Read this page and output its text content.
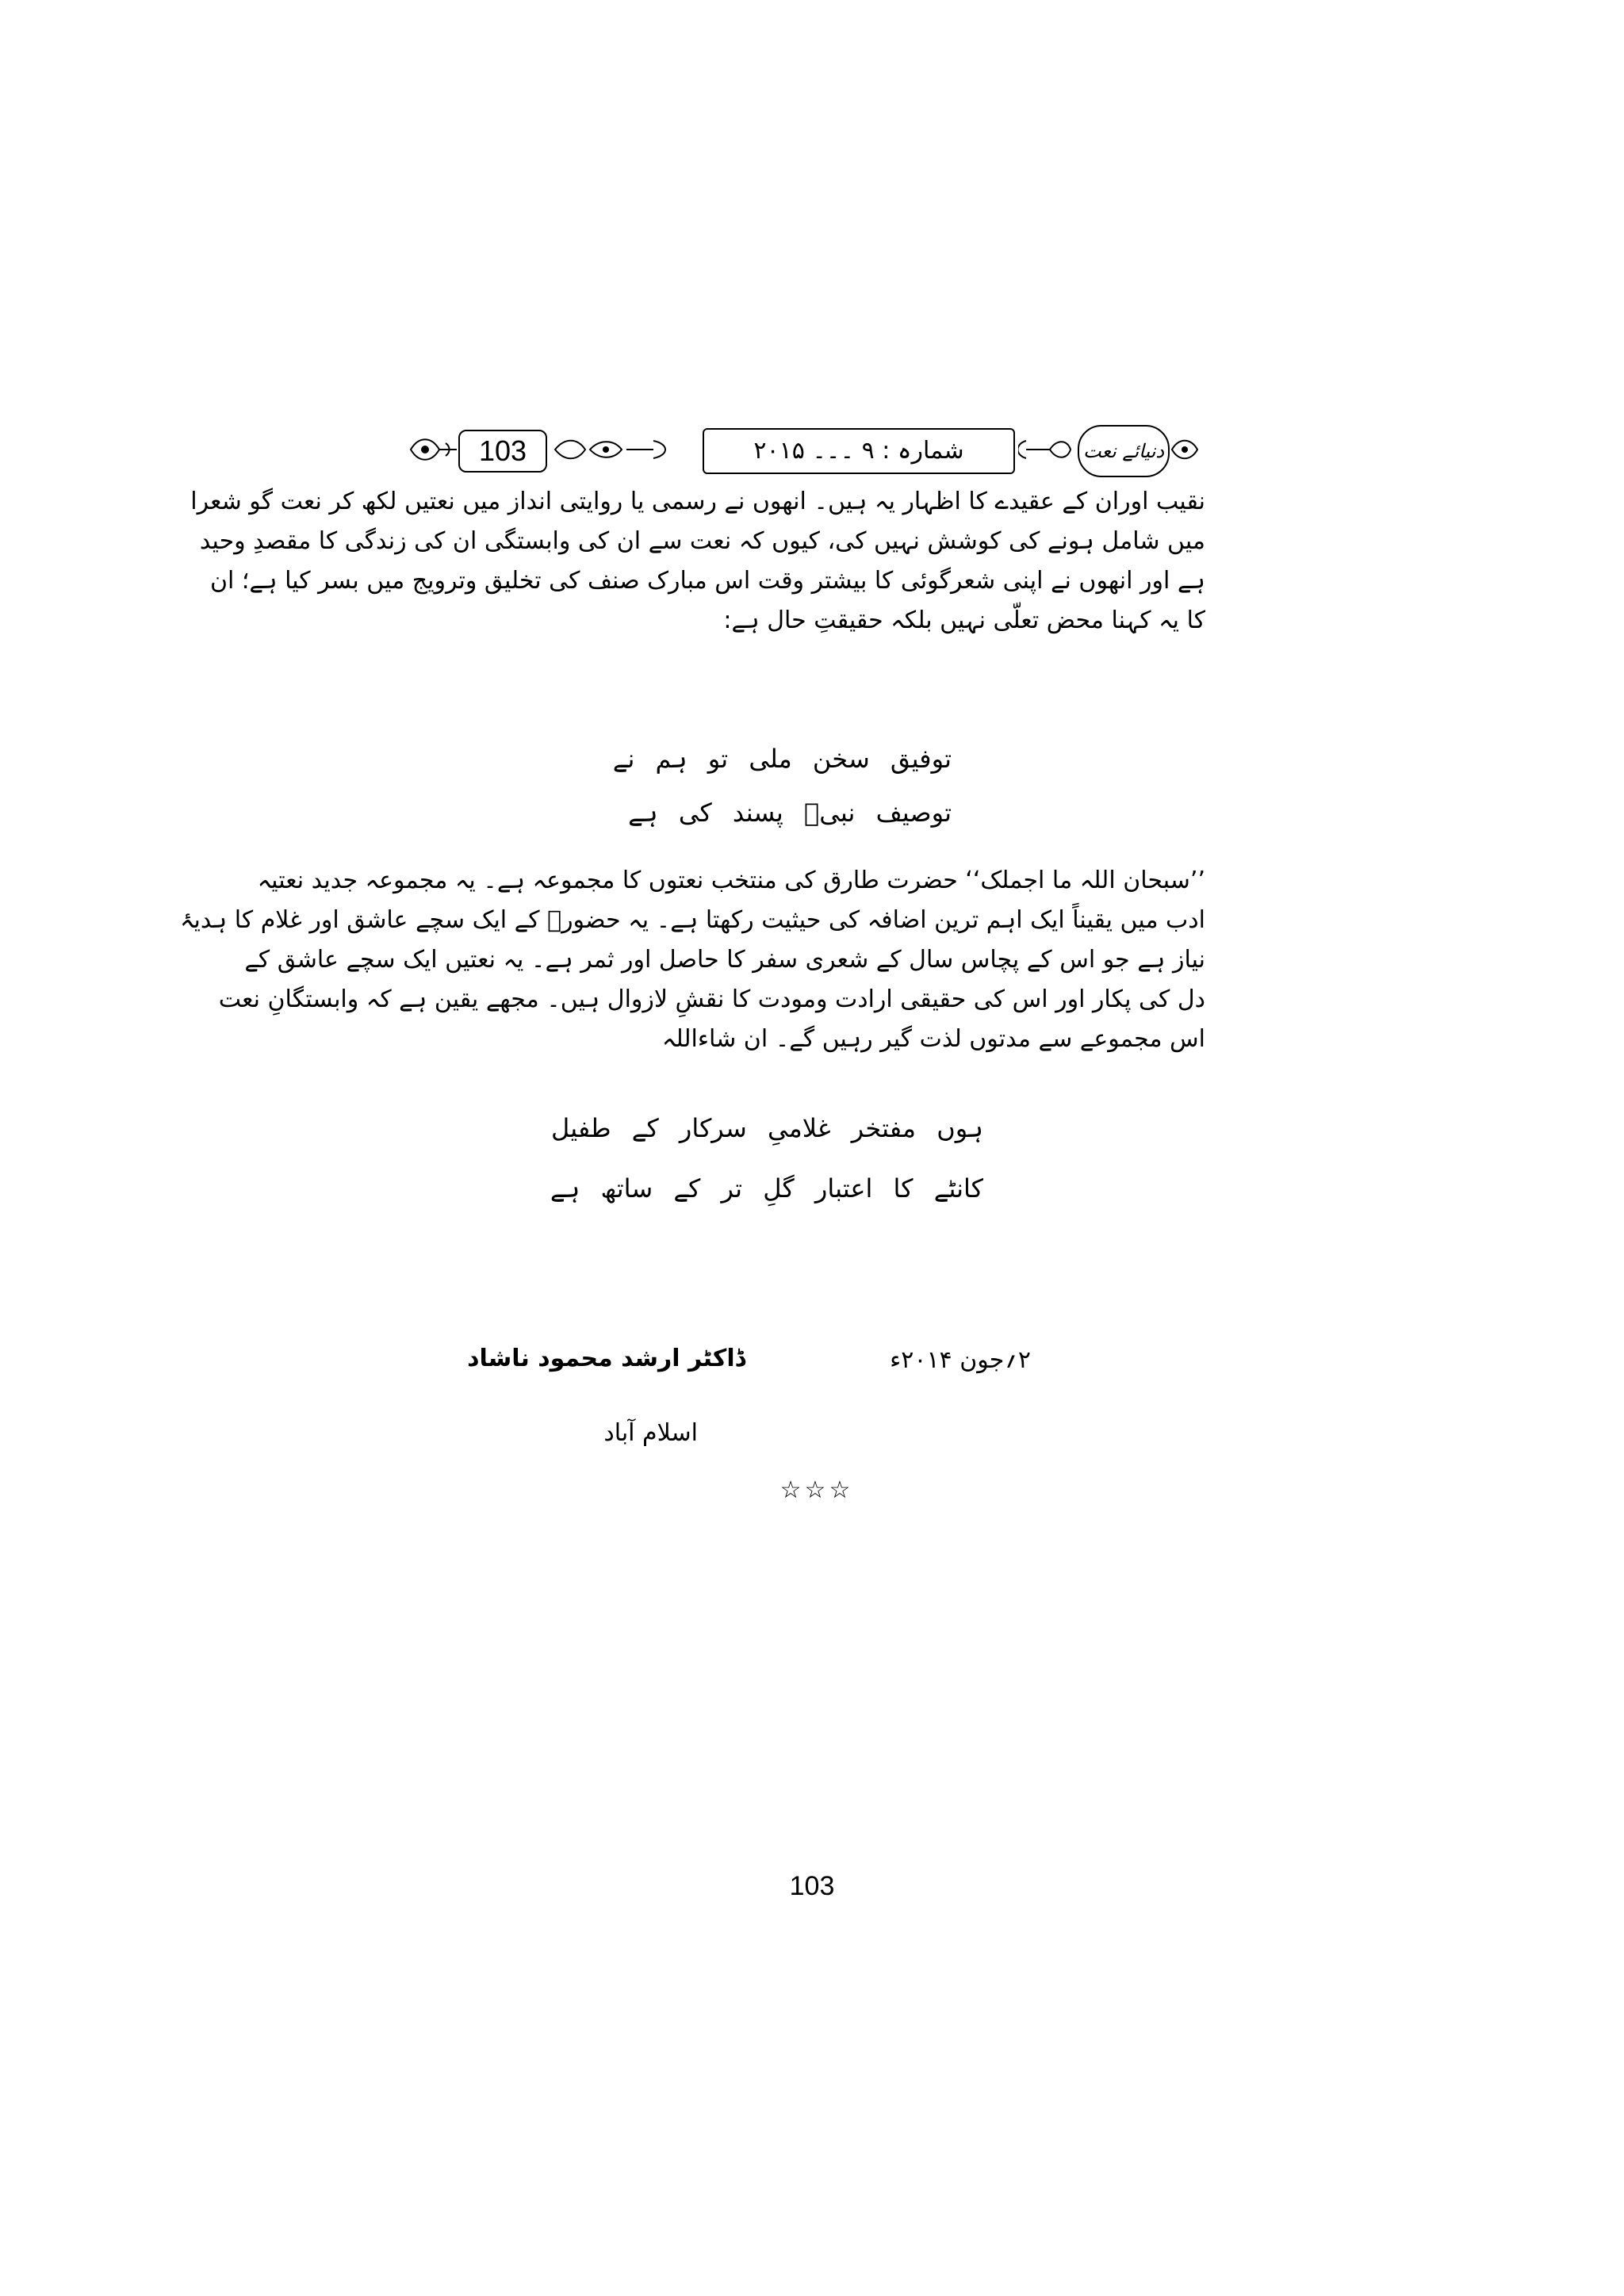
103	شمارہ : ۹ ۔۔۔ ۲۰۱۵	دنیائے نعت
نقیب اوران کے عقیدے کا اظہار یہ ہیں۔ انھوں نے رسمی یا روایتی انداز میں نعتیں لکھ کر نعت گو شعرا
میں شامل ہونے کی کوشش نہیں کی، کیوں کہ نعت سے ان کی وابستگی ان کی زندگی کا مقصدِ وحید
ہے اور انھوں نے اپنی شعرگوئی کا بیشتر وقت اس مبارک صنف کی تخلیق وترویج میں بسر کیا ہے؛ ان
کا یہ کہنا محض تعلّی نہیں بلکہ حقیقتِ حال ہے:
توفیق سخن ملی تو ہم نے
توصیف نبیؐ پسند کی ہے
’’سبحان اللہ ما اجملک‘‘ حضرت طارق کی منتخب نعتوں کا مجموعہ ہے۔ یہ مجموعہ جدید نعتیہ
ادب میں یقیناً ایک اہم ترین اضافہ کی حیثیت رکھتا ہے۔ یہ حضورؐ کے ایک سچے عاشق اور غلام کا ہدیۂ
نیاز ہے جو اس کے پچاس سال کے شعری سفر کا حاصل اور ثمر ہے۔ یہ نعتیں ایک سچے عاشق کے
دل کی پکار اور اس کی حقیقی ارادت ومودت کا نقشِ لازوال ہیں۔ مجھے یقین ہے کہ وابستگانِ نعت
اس مجموعے سے مدتوں لذت گیر رہیں گے۔ ان شاءاللہ
ہوں مفتخر غلامیِ سرکار کے طفیل
کانٹے کا اعتبار گلِ تر کے ساتھ ہے
ڈاکٹر ارشد محمود ناشاد	۲؍جون ۲۰۱۴ء
اسلام آباد
☆☆☆
103
